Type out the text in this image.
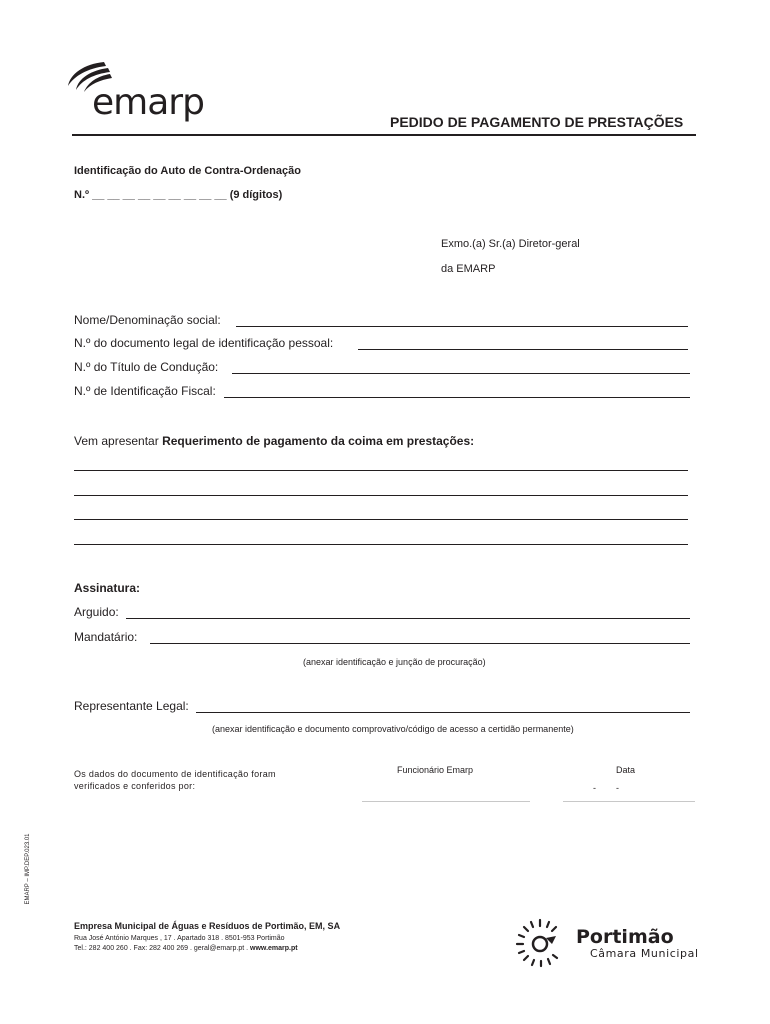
emarp	PEDIDO DE PAGAMENTO DE PRESTAÇÕES
Identificação do Auto de Contra-Ordenação
N.º __ __ __ __ __ __ __ __ __ (9 dígitos)
Exmo.(a) Sr.(a) Diretor-geral
da EMARP
Nome/Denominação social:
N.º do documento legal de identificação pessoal:
N.º do Título de Condução:
N.º de Identificação Fiscal:
Vem apresentar Requerimento de pagamento da coima em prestações:
Assinatura:
Arguido:
Mandatário:
(anexar identificação e junção de procuração)
Representante Legal:
(anexar identificação e documento comprovativo/código de acesso a certidão permanente)
Os dados do documento de identificação foram
verificados e conferidos por:
Funcionário Emarp	Data
-        -
EMARP – IMP.DEP.023.01
Empresa Municipal de Águas e Resíduos de Portimão, EM, SA
Rua José António Marques , 17 . Apartado 318 . 8501-953 Portimão
Tel.: 282 400 260 . Fax: 282 400 269 . geral@emarp.pt . www.emarp.pt
Portimão
Câmara Municipal
